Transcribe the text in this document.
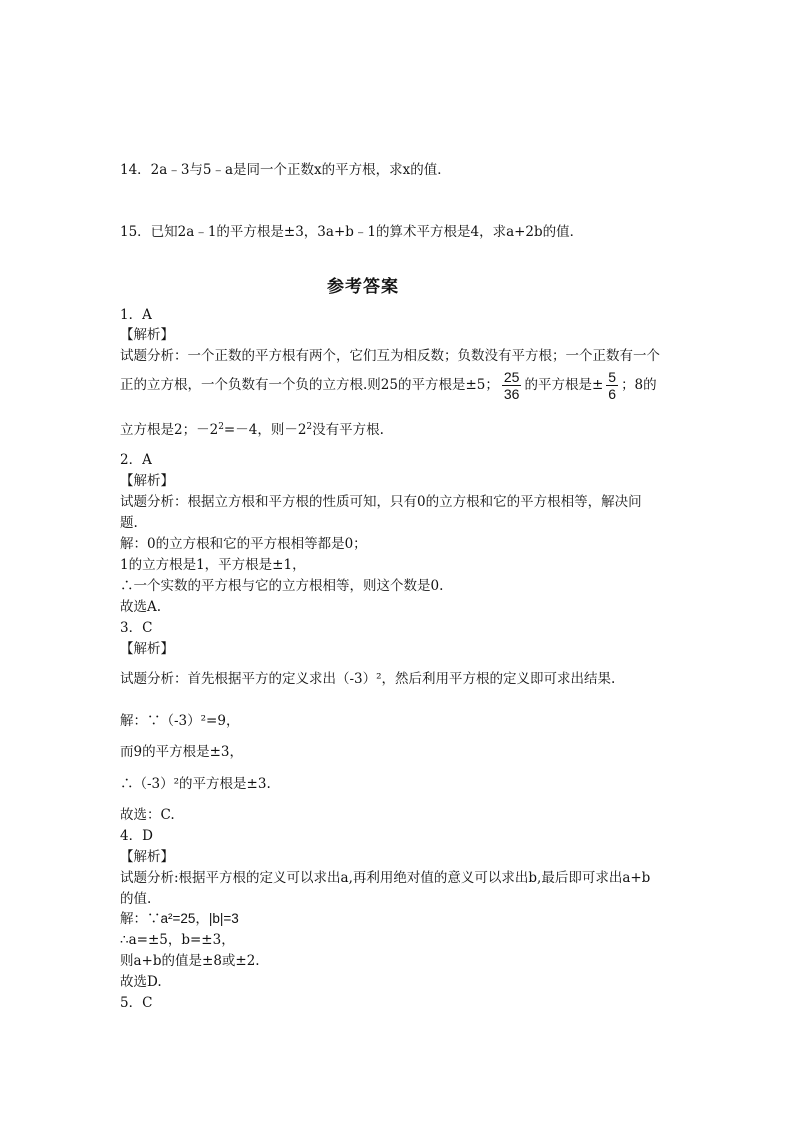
14．2a﹣3与5﹣a是同一个正数x的平方根，求x的值．
15．已知2a﹣1的平方根是±3，3a+b﹣1的算术平方根是4，求a+2b的值．
参考答案
1．A
【解析】
试题分析：一个正数的平方根有两个，它们互为相反数；负数没有平方根；一个正数有一个
正的立方根，一个负数有一个负的立方根.则25的平方根是±5； $\frac{25}{36}$ 的平方根是± $\frac{5}{6}$ ；8的
立方根是2；$-2^2=-4$，则$-2^2$没有平方根.
2．A
【解析】
试题分析：根据立方根和平方根的性质可知，只有0的立方根和它的平方根相等，解决问
题.
解：0的立方根和它的平方根相等都是0；
1的立方根是1，平方根是±1，
∴一个实数的平方根与它的立方根相等，则这个数是0.
故选A.
3．C
【解析】
试题分析：首先根据平方的定义求出（-3）²，然后利用平方根的定义即可求出结果.
解：∵（-3）²=9，
而9的平方根是±3，
∴（-3）²的平方根是±3.
故选：C.
4．D
【解析】
试题分析:根据平方根的定义可以求出a,再利用绝对值的意义可以求出b,最后即可求出a+b
的值.
解：∵a²=25，|b|=3
∴a=±5，b=±3，
则a+b的值是±8或±2.
故选D.
5．C
